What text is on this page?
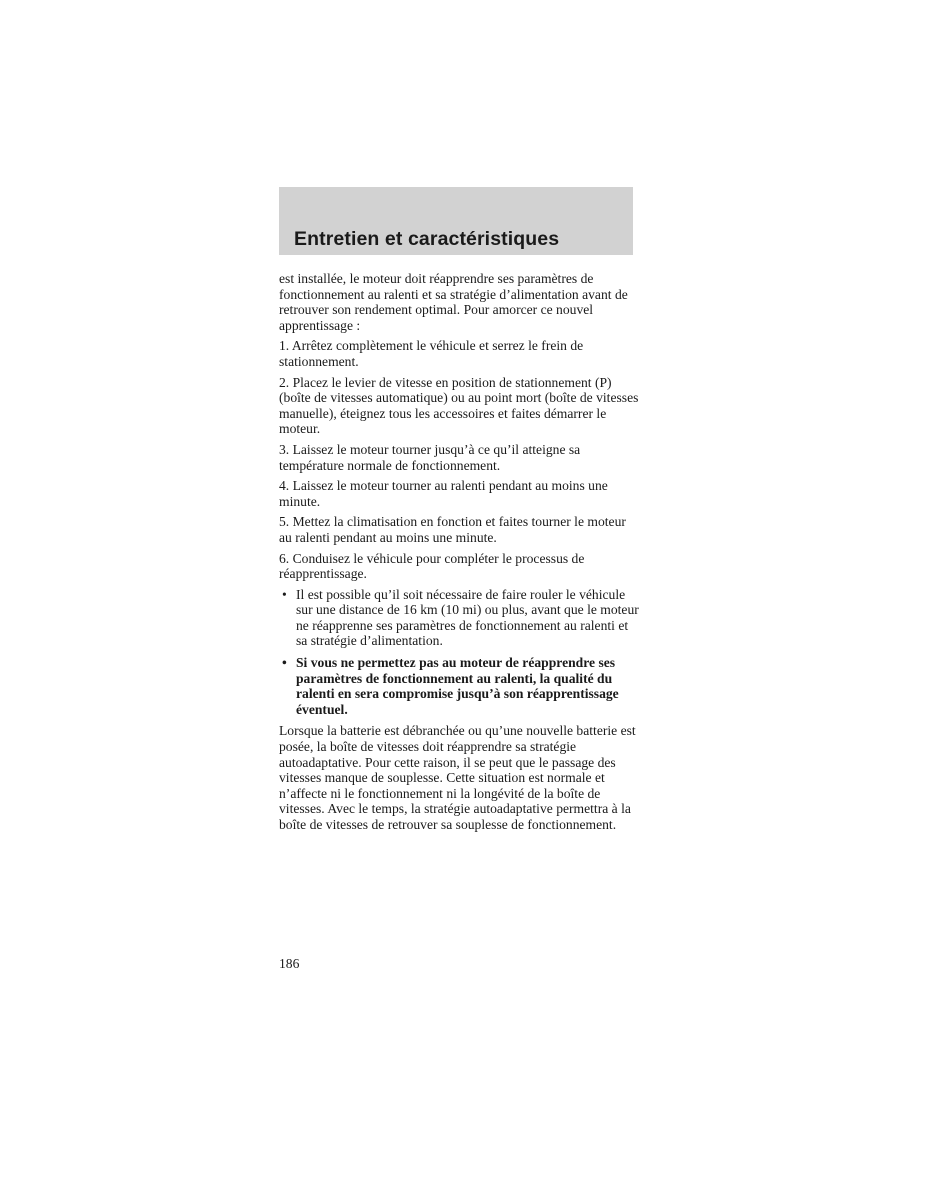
Entretien et caractéristiques

est installée, le moteur doit réapprendre ses paramètres de fonctionnement au ralenti et sa stratégie d’alimentation avant de retrouver son rendement optimal. Pour amorcer ce nouvel apprentissage :

1. Arrêtez complètement le véhicule et serrez le frein de stationnement.

2. Placez le levier de vitesse en position de stationnement (P) (boîte de vitesses automatique) ou au point mort (boîte de vitesses manuelle), éteignez tous les accessoires et faites démarrer le moteur.

3. Laissez le moteur tourner jusqu’à ce qu’il atteigne sa température normale de fonctionnement.

4. Laissez le moteur tourner au ralenti pendant au moins une minute.

5. Mettez la climatisation en fonction et faites tourner le moteur au ralenti pendant au moins une minute.

6. Conduisez le véhicule pour compléter le processus de réapprentissage.

• Il est possible qu’il soit nécessaire de faire rouler le véhicule sur une distance de 16 km (10 mi) ou plus, avant que le moteur ne réapprenne ses paramètres de fonctionnement au ralenti et sa stratégie d’alimentation.
• Si vous ne permettez pas au moteur de réapprendre ses paramètres de fonctionnement au ralenti, la qualité du ralenti en sera compromise jusqu’à son réapprentissage éventuel.

Lorsque la batterie est débranchée ou qu’une nouvelle batterie est posée, la boîte de vitesses doit réapprendre sa stratégie autoadaptative. Pour cette raison, il se peut que le passage des vitesses manque de souplesse. Cette situation est normale et n’affecte ni le fonctionnement ni la longévité de la boîte de vitesses. Avec le temps, la stratégie autoadaptative permettra à la boîte de vitesses de retrouver sa souplesse de fonctionnement.

186
